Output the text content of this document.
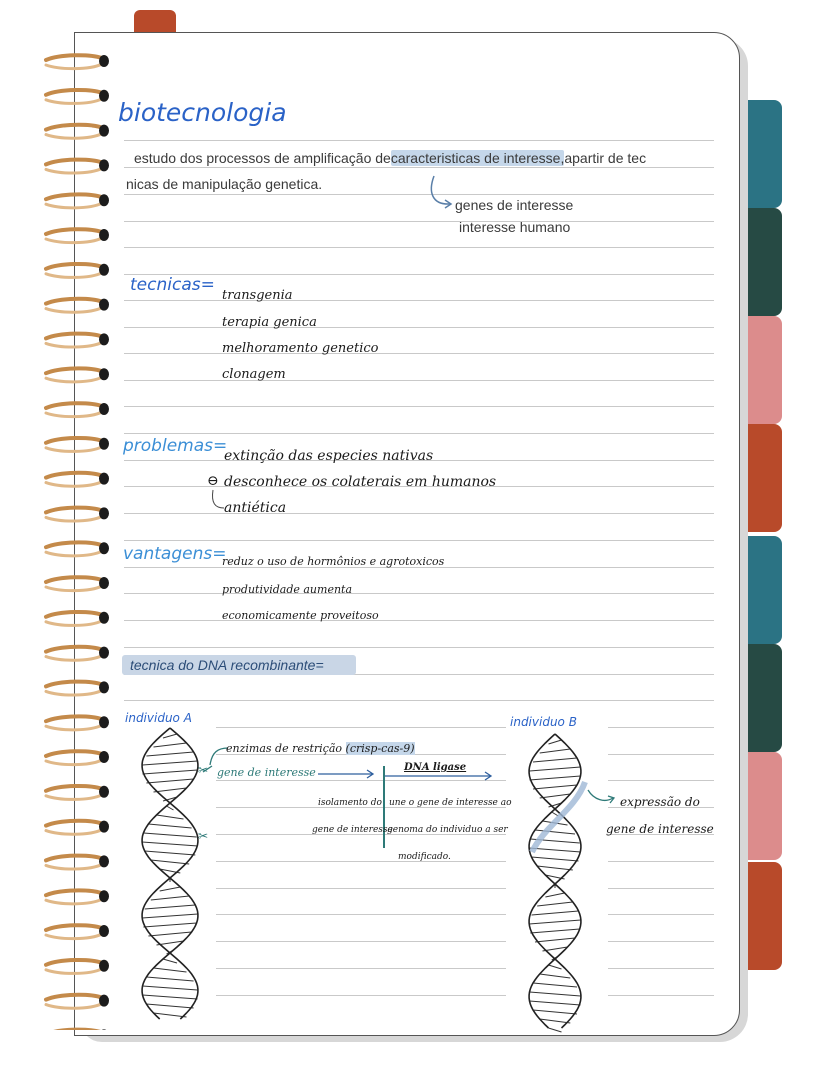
biotecnologia
estudo dos processos de amplificação decaracteristicas de interesse,apartir de tec
nicas de manipulação genetica.
genes de interesse
interesse humano
tecnicas=
transgenia
terapia genica
melhoramento genetico
clonagem
problemas=
extinção das especies nativas
⊖ desconhece os colaterais em humanos
antiética
vantagens=
reduz o uso de hormônios e agrotoxicos
produtividade aumenta
economicamente proveitoso
tecnica do DNA recombinante=
individuo A	individuo B
✂
✂
enzimas de restrição (crisp-cas-9)
gene de interesse	DNA ligase
isolamento do
gene de interesse
une o gene de interesse ao
genoma do individuo a ser
modificado.
expressão do
gene de interesse
